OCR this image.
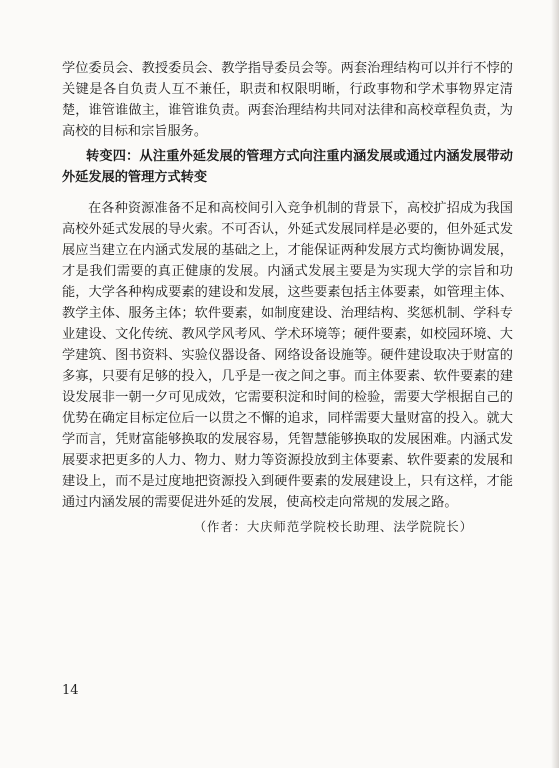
学位委员会、教授委员会、教学指导委员会等。两套治理结构可以并行不悖的关键是各自负责人互不兼任，职责和权限明晰，行政事物和学术事物界定清楚，谁管谁做主，谁管谁负责。两套治理结构共同对法律和高校章程负责，为高校的目标和宗旨服务。

转变四：从注重外延发展的管理方式向注重内涵发展或通过内涵发展带动外延发展的管理方式转变

在各种资源准备不足和高校间引入竞争机制的背景下，高校扩招成为我国高校外延式发展的导火索。不可否认，外延式发展同样是必要的，但外延式发展应当建立在内涵式发展的基础之上，才能保证两种发展方式均衡协调发展，才是我们需要的真正健康的发展。内涵式发展主要是为实现大学的宗旨和功能，大学各种构成要素的建设和发展，这些要素包括主体要素，如管理主体、教学主体、服务主体；软件要素，如制度建设、治理结构、奖惩机制、学科专业建设、文化传统、教风学风考风、学术环境等；硬件要素，如校园环境、大学建筑、图书资料、实验仪器设备、网络设备设施等。硬件建设取决于财富的多寡，只要有足够的投入，几乎是一夜之间之事。而主体要素、软件要素的建设发展非一朝一夕可见成效，它需要积淀和时间的检验，需要大学根据自己的优势在确定目标定位后一以贯之不懈的追求，同样需要大量财富的投入。就大学而言，凭财富能够换取的发展容易，凭智慧能够换取的发展困难。内涵式发展要求把更多的人力、物力、财力等资源投放到主体要素、软件要素的发展和建设上，而不是过度地把资源投入到硬件要素的发展建设上，只有这样，才能通过内涵发展的需要促进外延的发展，使高校走向常规的发展之路。

（作者：大庆师范学院校长助理、法学院院长）

14
